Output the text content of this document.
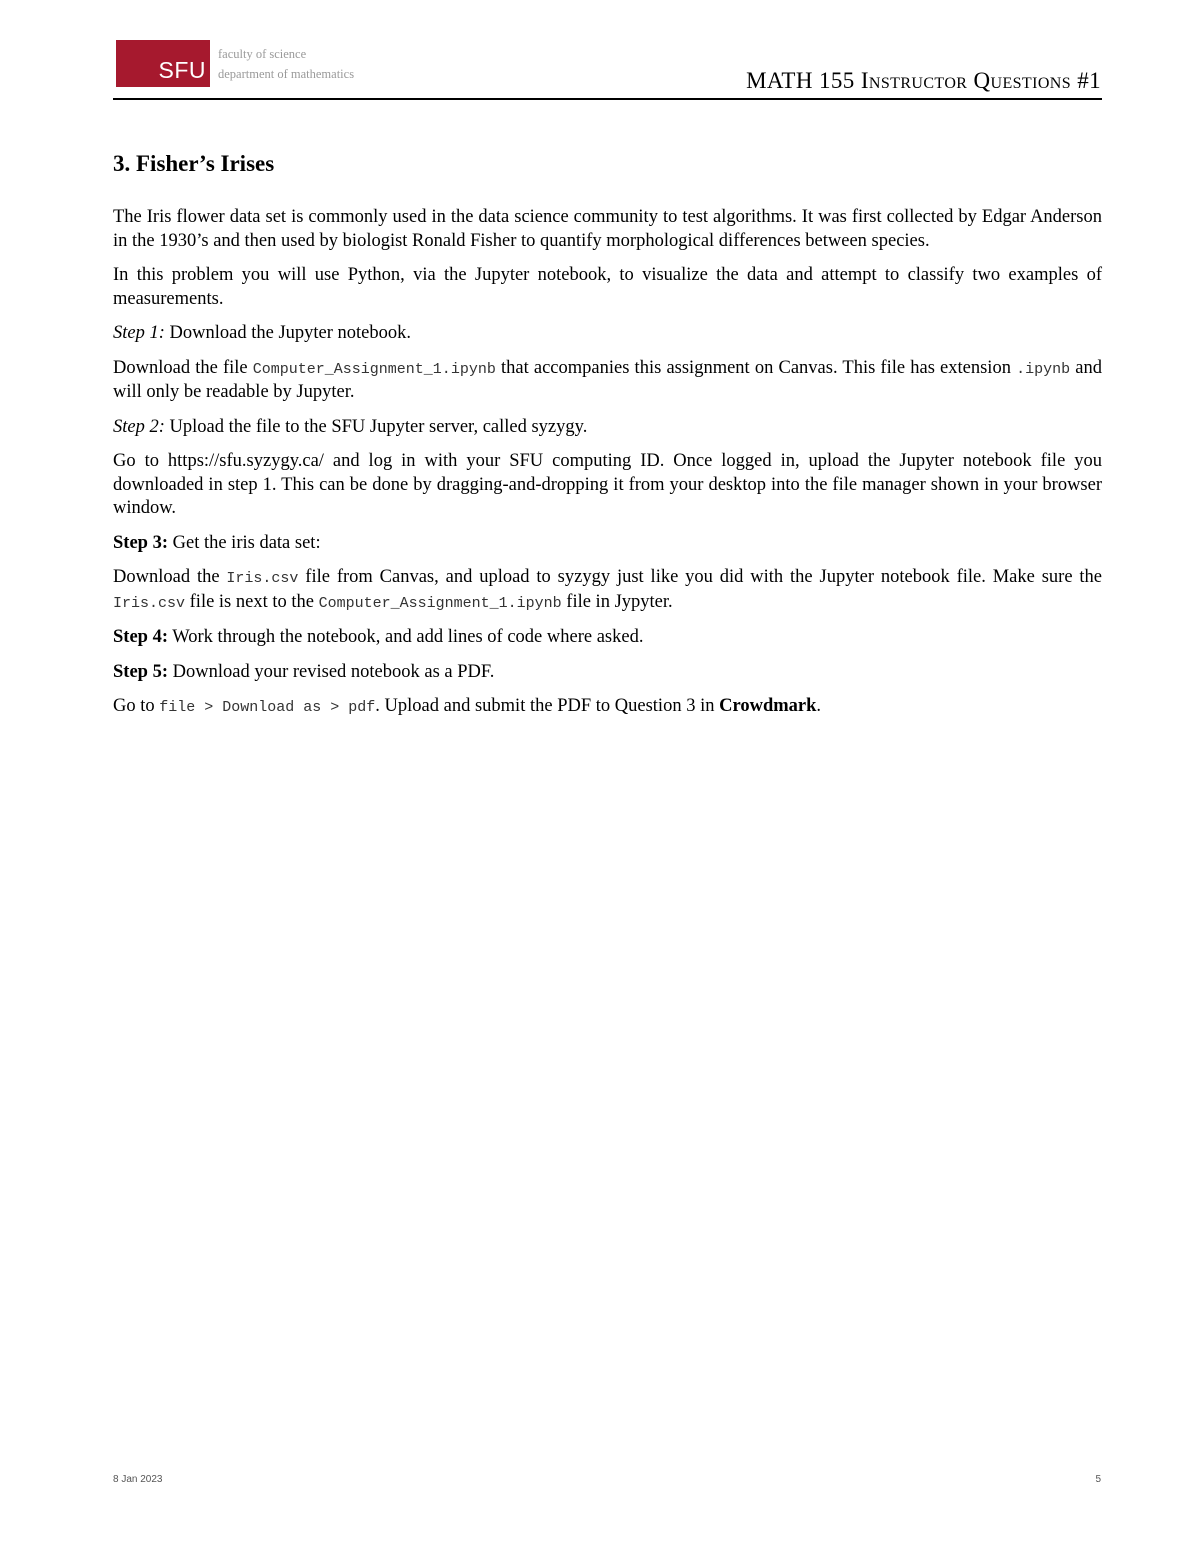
SFU
faculty of science
department of mathematics	MATH 155 Instructor Questions #1
3. Fisher’s Irises

The Iris flower data set is commonly used in the data science community to test algorithms. It was first collected by Edgar Anderson in the 1930’s and then used by biologist Ronald Fisher to quantify morphological differences between species.

In this problem you will use Python, via the Jupyter notebook, to visualize the data and attempt to classify two examples of measurements.

Step 1: Download the Jupyter notebook.

Download the file Computer_Assignment_1.ipynb that accompanies this assignment on Canvas. This file has extension .ipynb and will only be readable by Jupyter.

Step 2: Upload the file to the SFU Jupyter server, called syzygy.

Go to https://sfu.syzygy.ca/ and log in with your SFU computing ID. Once logged in, upload the Jupyter notebook file you downloaded in step 1. This can be done by dragging-and-dropping it from your desktop into the file manager shown in your browser window.

Step 3: Get the iris data set:

Download the Iris.csv file from Canvas, and upload to syzygy just like you did with the Jupyter notebook file. Make sure the Iris.csv file is next to the Computer_Assignment_1.ipynb file in Jypyter.

Step 4: Work through the notebook, and add lines of code where asked.

Step 5: Download your revised notebook as a PDF.

Go to file > Download as > pdf. Upload and submit the PDF to Question 3 in Crowdmark.

8 Jan 2023	5
